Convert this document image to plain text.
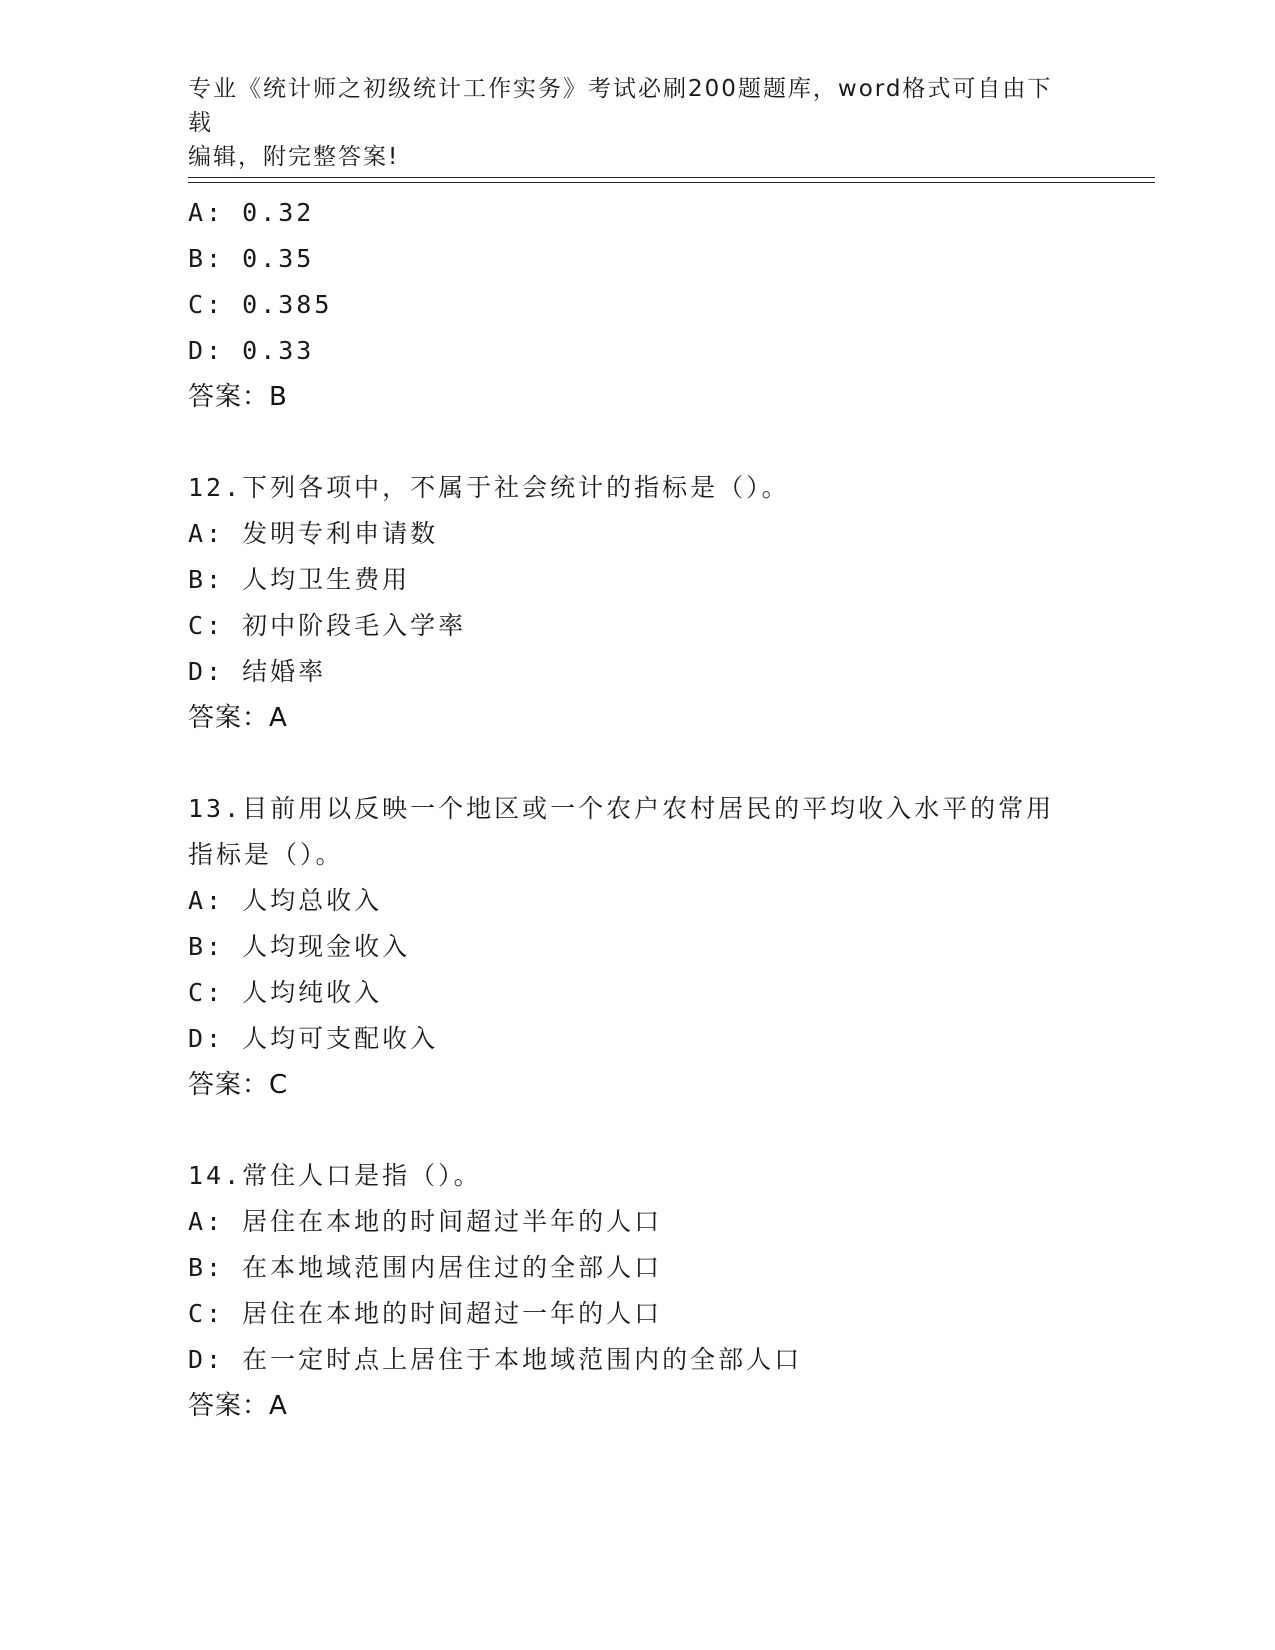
专业《统计师之初级统计工作实务》考试必刷200题题库，word格式可自由下载
编辑，附完整答案!
A: 0.32
B: 0.35
C: 0.385
D: 0.33
答案：B
12.下列各项中，不属于社会统计的指标是（）。
A: 发明专利申请数
B: 人均卫生费用
C: 初中阶段毛入学率
D: 结婚率
答案：A
13.目前用以反映一个地区或一个农户农村居民的平均收入水平的常用
指标是（）。
A: 人均总收入
B: 人均现金收入
C: 人均纯收入
D: 人均可支配收入
答案：C
14.常住人口是指（）。
A: 居住在本地的时间超过半年的人口
B: 在本地域范围内居住过的全部人口
C: 居住在本地的时间超过一年的人口
D: 在一定时点上居住于本地域范围内的全部人口
答案：A
